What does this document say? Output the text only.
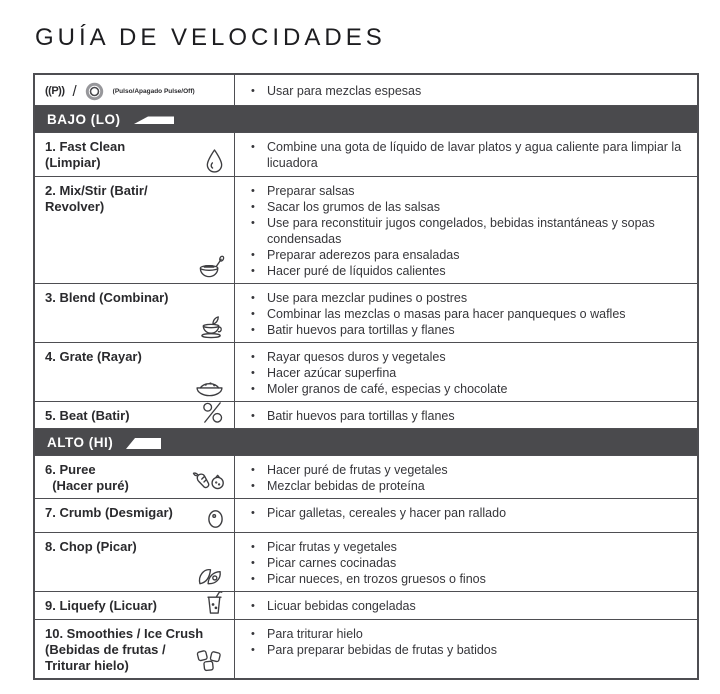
GUÍA DE VELOCIDADES
((P)) /	(Pulso/Apagado Pulse/Off)	• Usar para mezclas espesas
BAJO (LO)
1. Fast Clean
(Limpiar)
• Combine una gota de líquido de lavar platos y agua caliente para limpiar la licuadora
2. Mix/Stir (Batir/
Revolver)
• Preparar salsas
• Sacar los grumos de las salsas
• Use para reconstituir jugos congelados, bebidas instantáneas y sopas condensadas
• Preparar aderezos para ensaladas
• Hacer puré de líquidos calientes
3. Blend (Combinar)	• Use para mezclar pudines o postres
• Combinar las mezclas o masas para hacer panqueques o wafles
• Batir huevos para tortillas y flanes
4. Grate (Rayar)	• Rayar quesos duros y vegetales
• Hacer azúcar superfina
• Moler granos de café, especias y chocolate
5. Beat (Batir)	• Batir huevos para tortillas y flanes
ALTO (HI)
6. Puree
(Hacer puré)
• Hacer puré de frutas y vegetales
• Mezclar bebidas de proteína
7. Crumb (Desmigar)	• Picar galletas, cereales y hacer pan rallado
8. Chop (Picar)	• Picar frutas y vegetales
• Picar carnes cocinadas
• Picar nueces, en trozos gruesos o finos
9. Liquefy (Licuar)	• Licuar bebidas congeladas
10. Smoothies / Ice Crush
(Bebidas de frutas /
Triturar hielo)
• Para triturar hielo
• Para preparar bebidas de frutas y batidos
